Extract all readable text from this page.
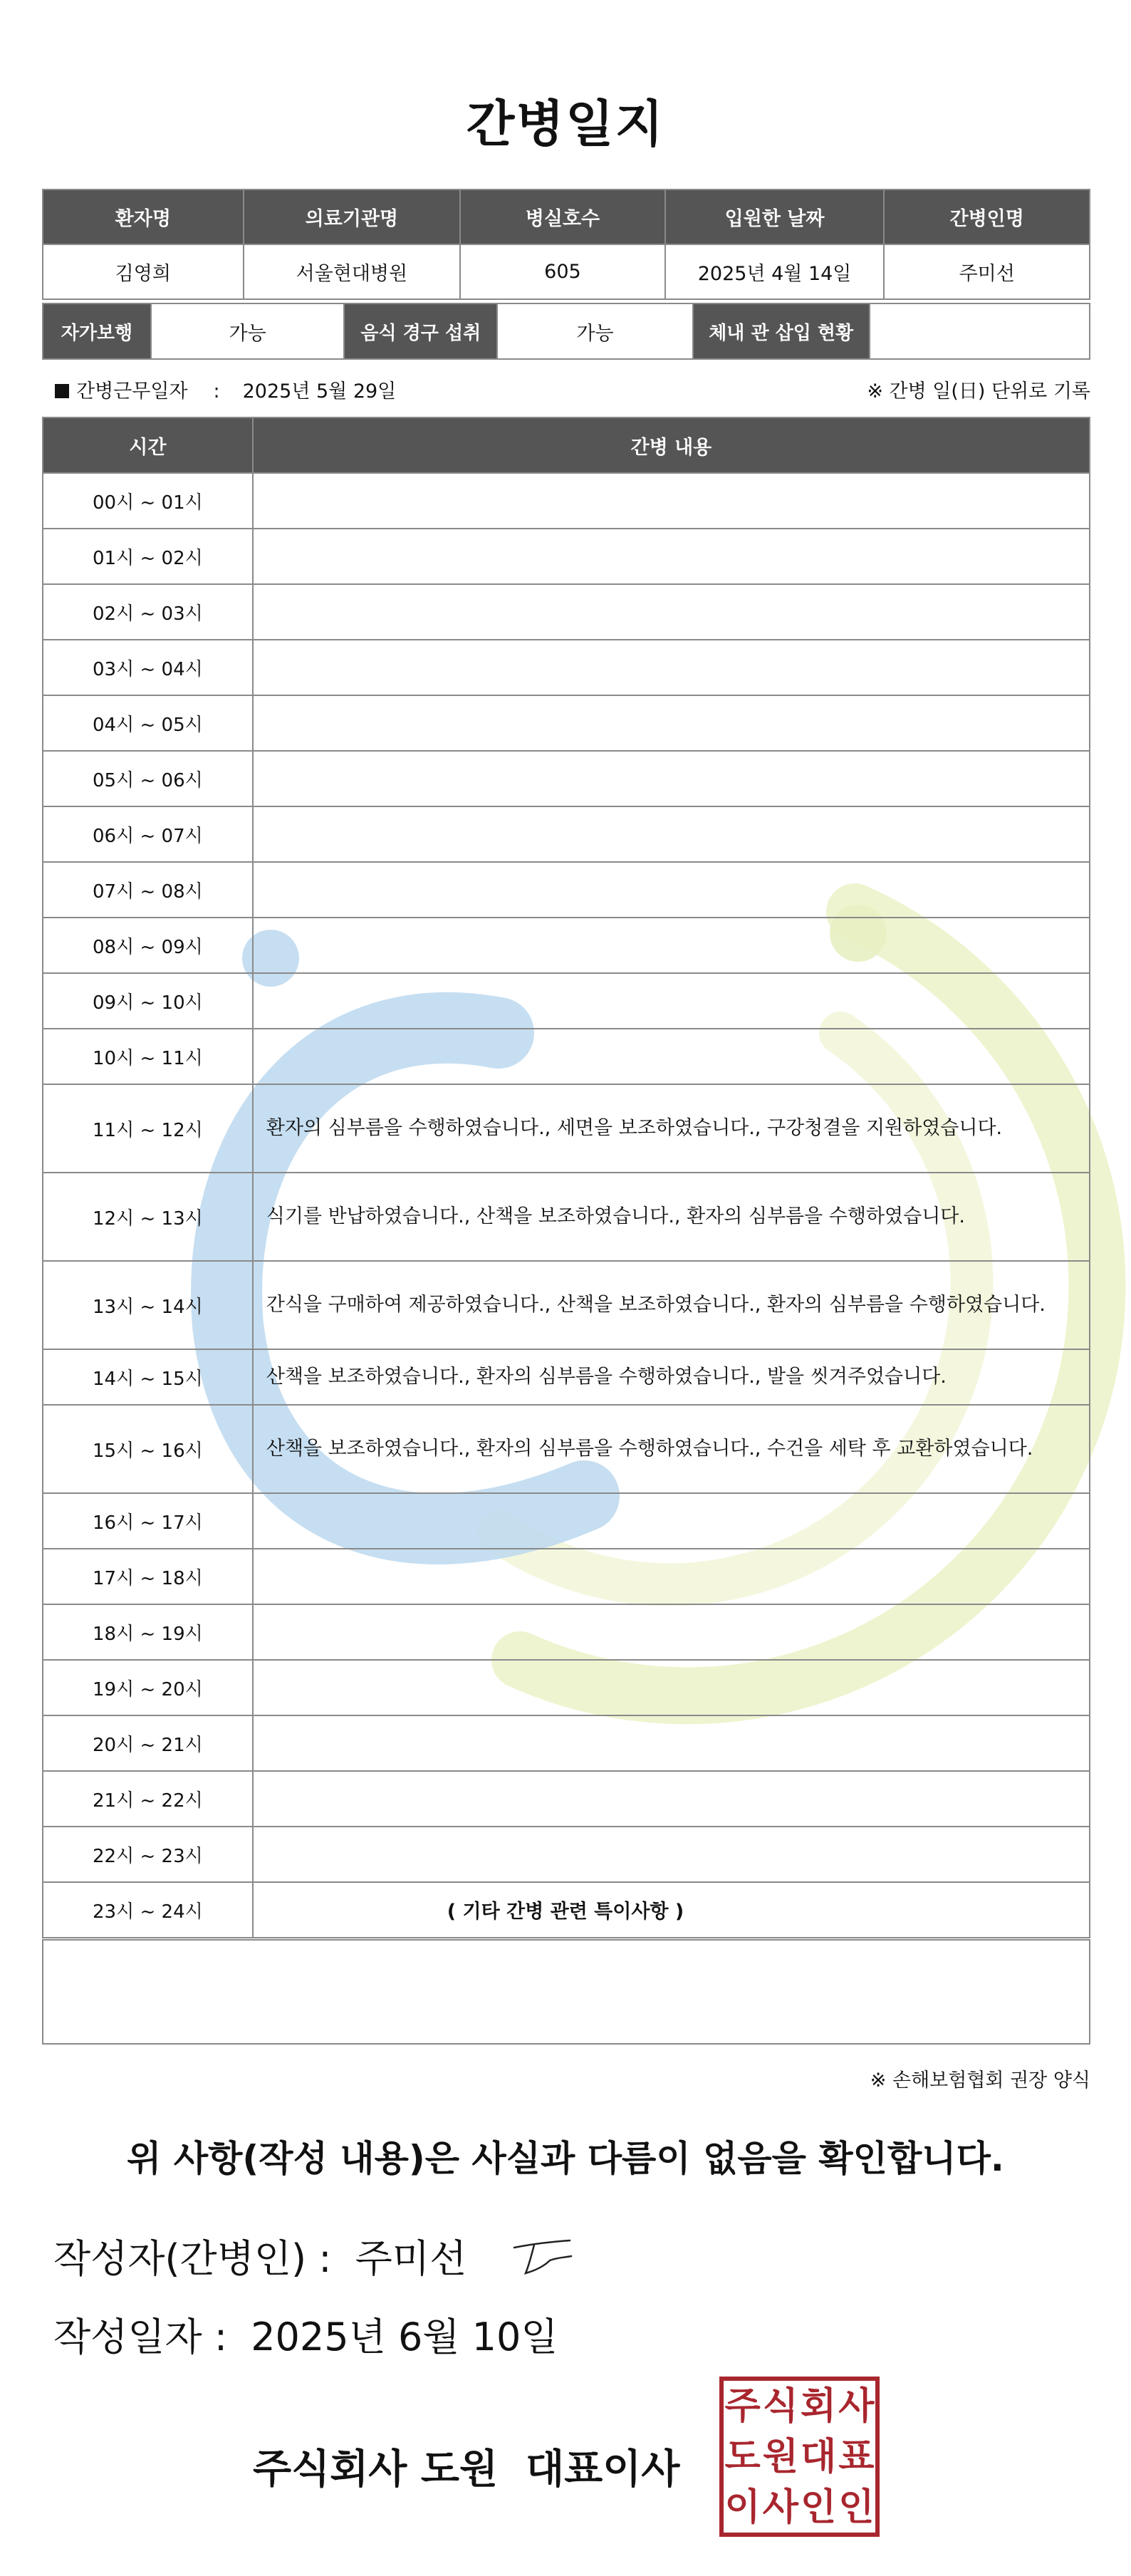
간병일지
환자명	의료기관명	병실호수	입원한 날짜	간병인명
김영희	서울현대병원	605	2025년 4월 14일	주미선
자가보행	가능	음식 경구 섭취	가능	체내 관 삽입 현황	
간병근무일자 : 2025년 5월 29일	※ 간병 일(日) 단위로 기록
시간	간병 내용
00시 ~ 01시	
01시 ~ 02시	
02시 ~ 03시	
03시 ~ 04시	
04시 ~ 05시	
05시 ~ 06시	
06시 ~ 07시	
07시 ~ 08시	
08시 ~ 09시	
09시 ~ 10시	
10시 ~ 11시	
11시 ~ 12시	환자의 심부름을 수행하였습니다., 세면을 보조하였습니다., 구강청결을 지원하였습니다.
12시 ~ 13시	식기를 반납하였습니다., 산책을 보조하였습니다., 환자의 심부름을 수행하였습니다.
13시 ~ 14시	간식을 구매하여 제공하였습니다., 산책을 보조하였습니다., 환자의 심부름을 수행하였습니다.
14시 ~ 15시	산책을 보조하였습니다., 환자의 심부름을 수행하였습니다., 발을 씻겨주었습니다.
15시 ~ 16시	산책을 보조하였습니다., 환자의 심부름을 수행하였습니다., 수건을 세탁 후 교환하였습니다.
16시 ~ 17시	
17시 ~ 18시	
18시 ~ 19시	
19시 ~ 20시	
20시 ~ 21시	
21시 ~ 22시	
22시 ~ 23시	
23시 ~ 24시		( 기타 간병 관련 특이사항 )
※ 손해보험협회 권장 양식
위 사항(작성 내용)은 사실과 다름이 없음을 확인합니다.
작성자(간병인) : 주미선
작성일자 : 2025년 6월 10일
주식회사 도원  대표이사
주 식 회 사
도 원 대 표
이 사 인 인
